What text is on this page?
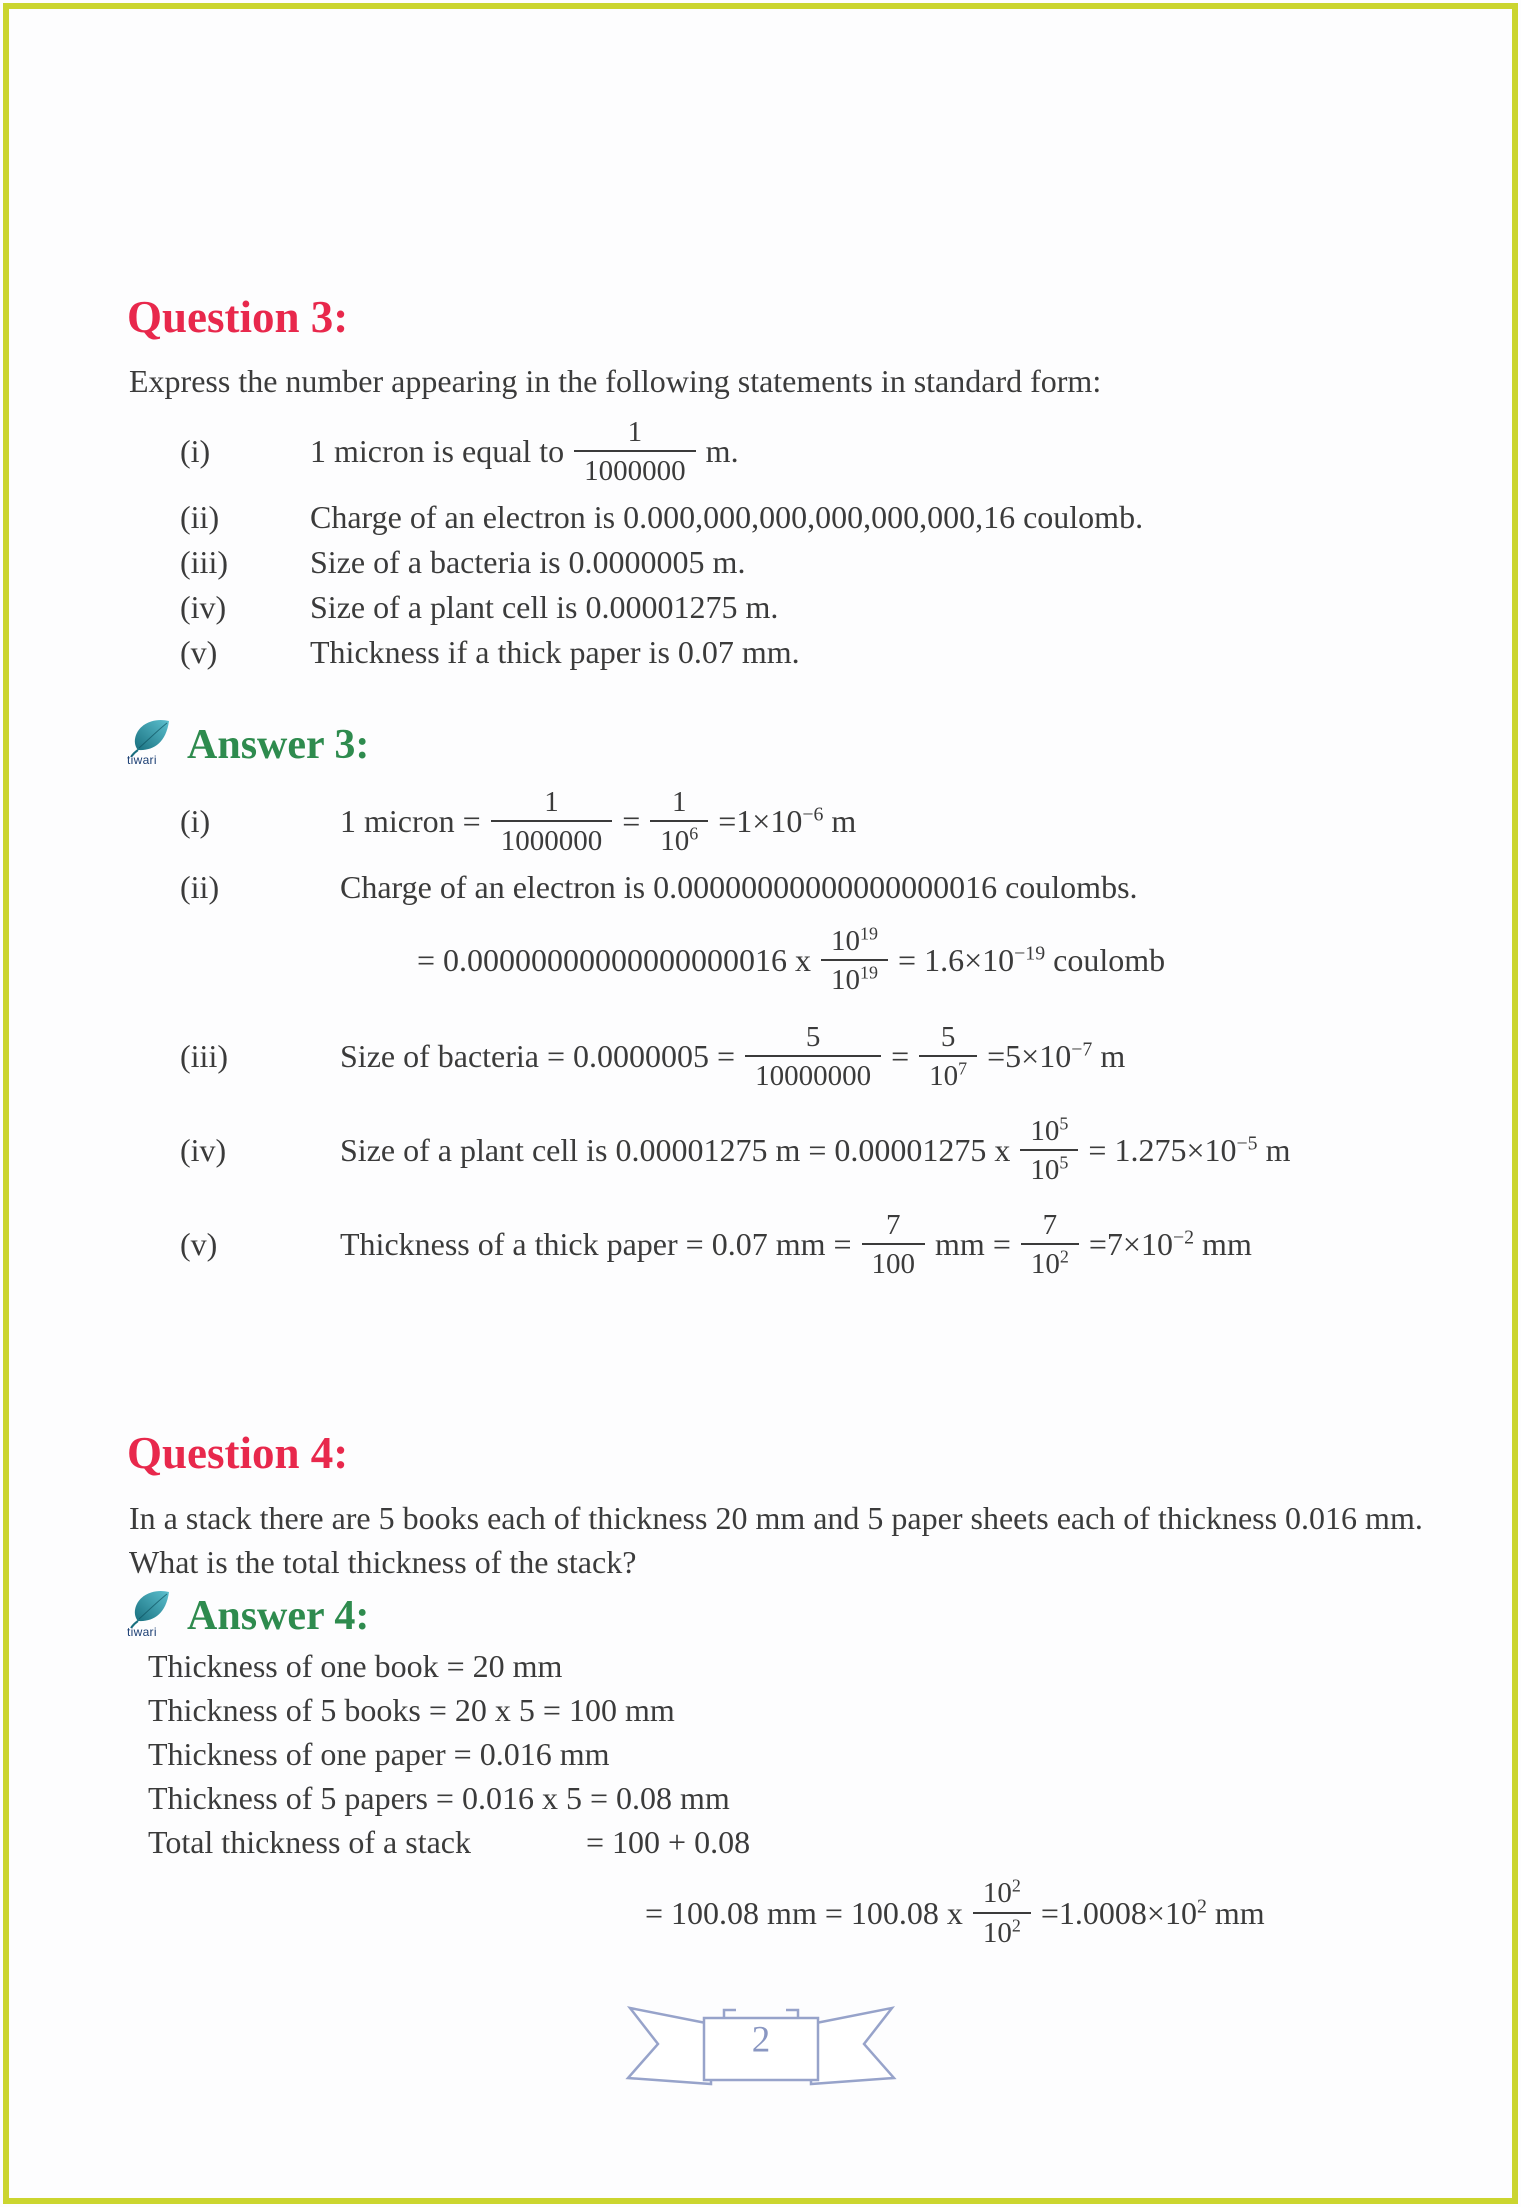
Question 3:

Express the number appearing in the following statements in standard form:

(i)	1 micron is equal to $\frac{1}{1000000} m$.
(ii)	Charge of an electron is 0.000,000,000,000,000,000,16 coulomb.
(iii)	Size of a bacteria is 0.0000005 m.
(iv)	Size of a plant cell is 0.00001275 m.
(v)	Thickness if a thick paper is 0.07 mm.
tiwari Answer 3:
(i)	1 micron = $\frac{1}{1000000} = \frac{1}{10^6} =1\times 10^{-6}$ m
(ii)	Charge of an electron is 0.00000000000000000016 coulombs.
= 0.00000000000000000016 x $\frac{10^{19}}{10^{19}} = 1.6\times 10^{-19}$ coulomb
(iii)	Size of bacteria = $0.0000005 = \frac{5}{10000000} = \frac{5}{10^7} =5\times 10^{-7}$ m
(iv)	Size of a plant cell is 0.00001275 m = 0.00001275 x $\frac{10^5}{10^5} = 1.275\times 10^{-5}$ m
(v)	Thickness of a thick paper = 0.07 mm = $\frac{7}{100}$ mm = $\frac{7}{10^2} =7\times 10^{-2}$ mm
Question 4:

In a stack there are 5 books each of thickness 20 mm and 5 paper sheets each of thickness 0.016 mm. What is the total thickness of the stack?

tiwari Answer 4:
Thickness of one book = 20 mm
Thickness of 5 books = 20 x 5 = 100 mm
Thickness of one paper = 0.016 mm
Thickness of 5 papers = 0.016 x 5 = 0.08 mm
Total thickness of a stack	= 100 + 0.08
= 100.08 mm = 100.08 x $\frac{10^2}{10^2} =1.0008\times 10^2$ mm
2
